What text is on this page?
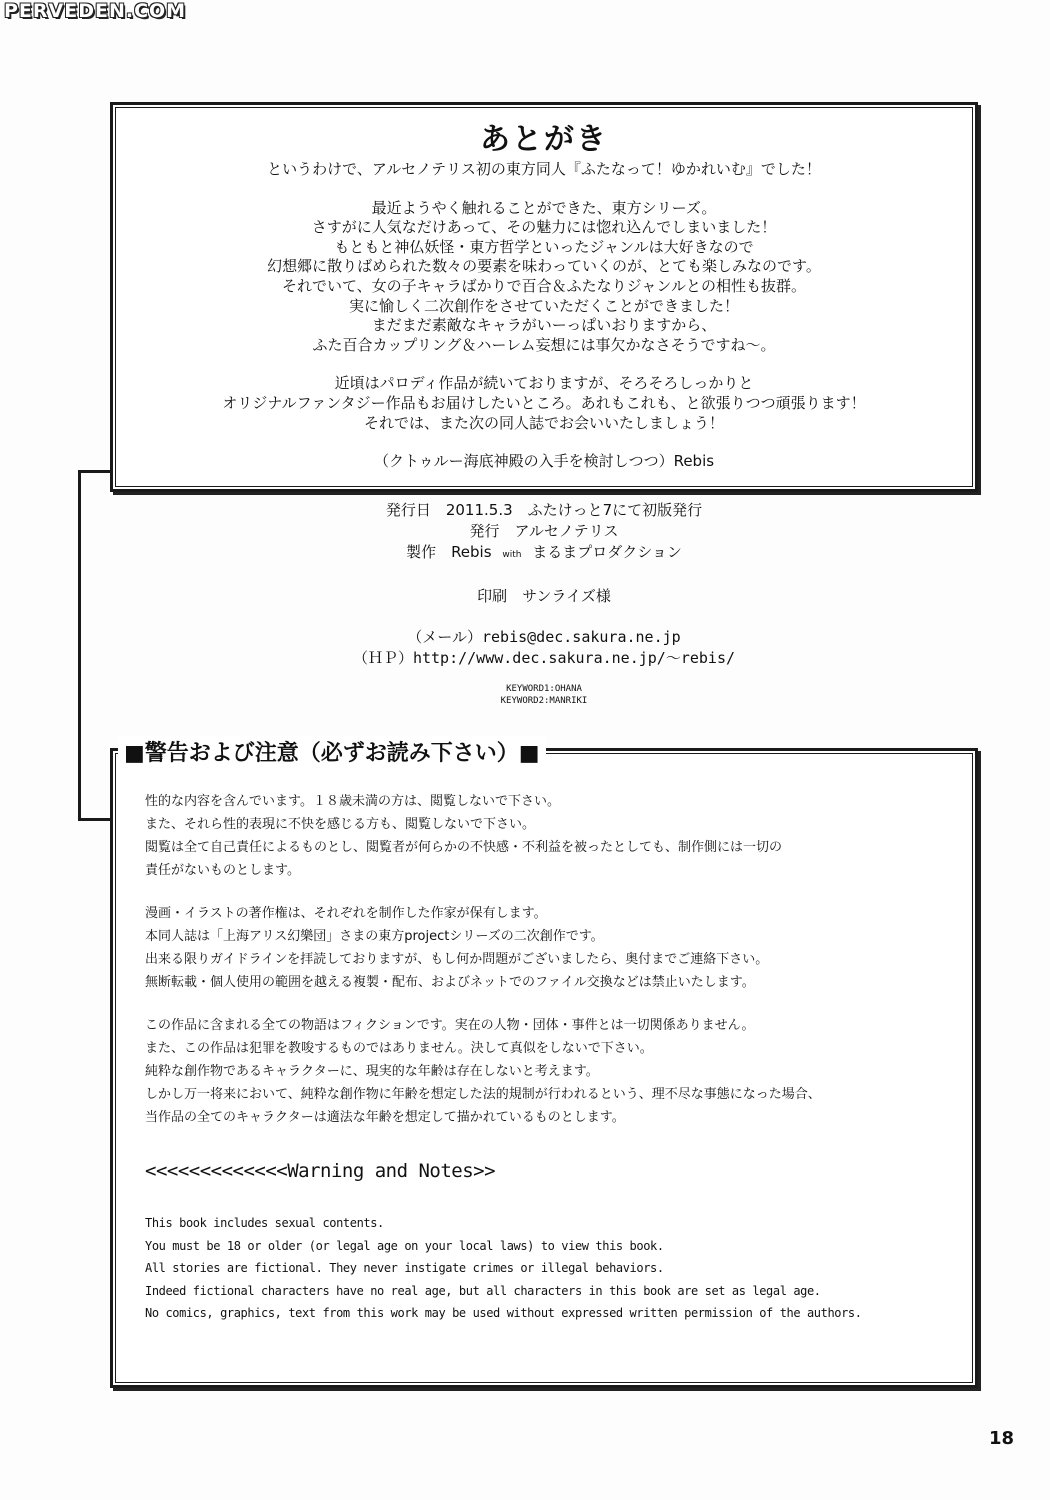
PERVEDEN.COM
あとがき
というわけで、アルセノテリス初の東方同人『ふたなって！ゆかれいむ』でした！
最近ようやく触れることができた、東方シリーズ。
さすがに人気なだけあって、その魅力には惚れ込んでしまいました！
もともと神仏妖怪・東方哲学といったジャンルは大好きなので
幻想郷に散りばめられた数々の要素を味わっていくのが、とても楽しみなのです。
それでいて、女の子キャラばかりで百合＆ふたなりジャンルとの相性も抜群。
実に愉しく二次創作をさせていただくことができました！
まだまだ素敵なキャラがいーっぱいおりますから、
ふた百合カップリング＆ハーレム妄想には事欠かなさそうですね～。
近頃はパロディ作品が続いておりますが、そろそろしっかりと
オリジナルファンタジー作品もお届けしたいところ。あれもこれも、と欲張りつつ頑張ります！
それでは、また次の同人誌でお会いいたしましょう！
（クトゥルー海底神殿の入手を検討しつつ）Rebis
発行日　2011.5.3　ふたけっと7にて初版発行
発行　アルセノテリス
製作　Rebis with まるまプロダクション
印刷　サンライズ様
（メール）rebis@dec.sakura.ne.jp
（ＨＰ）http://www.dec.sakura.ne.jp/～rebis/
KEYWORD1:OHANA
KEYWORD2:MANRIKI
■警告および注意（必ずお読み下さい）■
性的な内容を含んでいます。１８歳未満の方は、閲覧しないで下さい。
また、それら性的表現に不快を感じる方も、閲覧しないで下さい。
閲覧は全て自己責任によるものとし、閲覧者が何らかの不快感・不利益を被ったとしても、制作側には一切の
責任がないものとします。
漫画・イラストの著作権は、それぞれを制作した作家が保有します。
本同人誌は「上海アリス幻樂団」さまの東方projectシリーズの二次創作です。
出来る限りガイドラインを拝読しておりますが、もし何か問題がございましたら、奥付までご連絡下さい。
無断転載・個人使用の範囲を越える複製・配布、およびネットでのファイル交換などは禁止いたします。
この作品に含まれる全ての物語はフィクションです。実在の人物・団体・事件とは一切関係ありません。
また、この作品は犯罪を教唆するものではありません。決して真似をしないで下さい。
純粋な創作物であるキャラクターに、現実的な年齢は存在しないと考えます。
しかし万一将来において、純粋な創作物に年齢を想定した法的規制が行われるという、理不尽な事態になった場合、
当作品の全てのキャラクターは適法な年齢を想定して描かれているものとします。
<<<<<<<<<<<<<Warning and Notes>>
This book includes sexual contents.
You must be 18 or older (or legal age on your local laws) to view this book.
All stories are fictional. They never instigate crimes or illegal behaviors.
Indeed fictional characters have no real age, but all characters in this book are set as legal age.
No comics, graphics, text from this work may be used without expressed written permission of the authors.
18
